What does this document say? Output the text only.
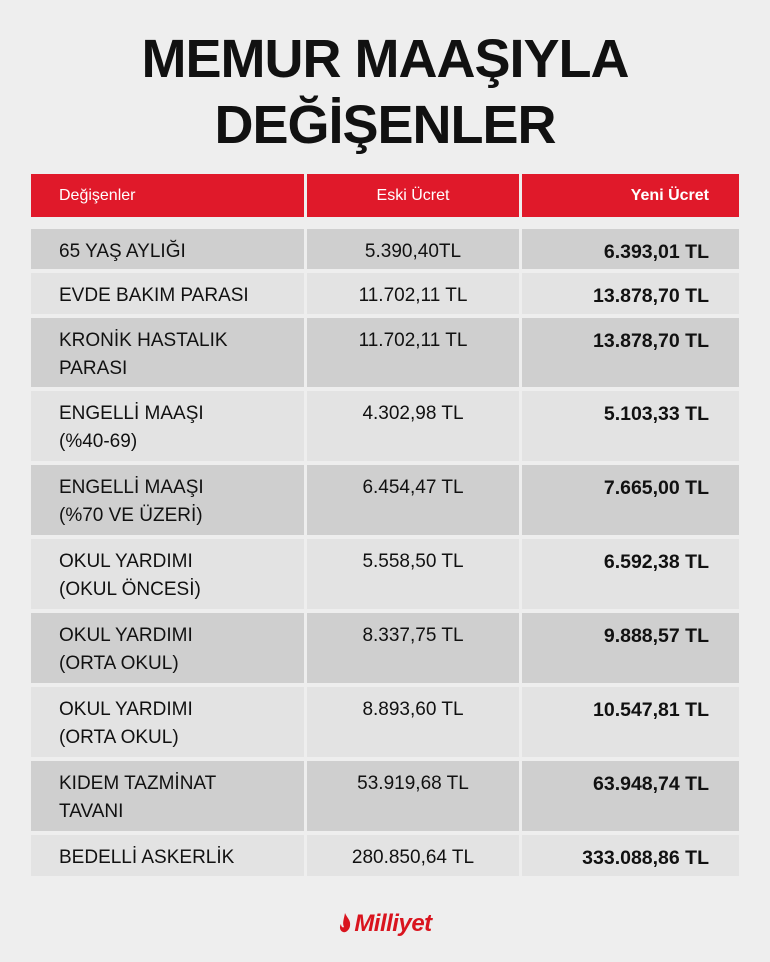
MEMUR MAAŞIYLA
DEĞİŞENLER
Değişenler	Eski Ücret	Yeni Ücret
65 YAŞ AYLIĞI	5.390,40TL	6.393,01 TL
EVDE BAKIM PARASI	11.702,11 TL	13.878,70 TL
KRONİK HASTALIK
PARASI
11.702,11 TL	13.878,70 TL
ENGELLİ MAAŞI
(%40-69)
4.302,98 TL	5.103,33 TL
ENGELLİ MAAŞI
(%70 VE ÜZERİ)
6.454,47 TL	7.665,00 TL
OKUL YARDIMI
(OKUL ÖNCESİ)
5.558,50 TL	6.592,38 TL
OKUL YARDIMI
(ORTA OKUL)
8.337,75 TL	9.888,57 TL
OKUL YARDIMI
(ORTA OKUL)
8.893,60 TL	10.547,81 TL
KIDEM TAZMİNAT
TAVANI
53.919,68 TL	63.948,74 TL
BEDELLİ ASKERLİK	280.850,64 TL	333.088,86 TL
Milliyet
